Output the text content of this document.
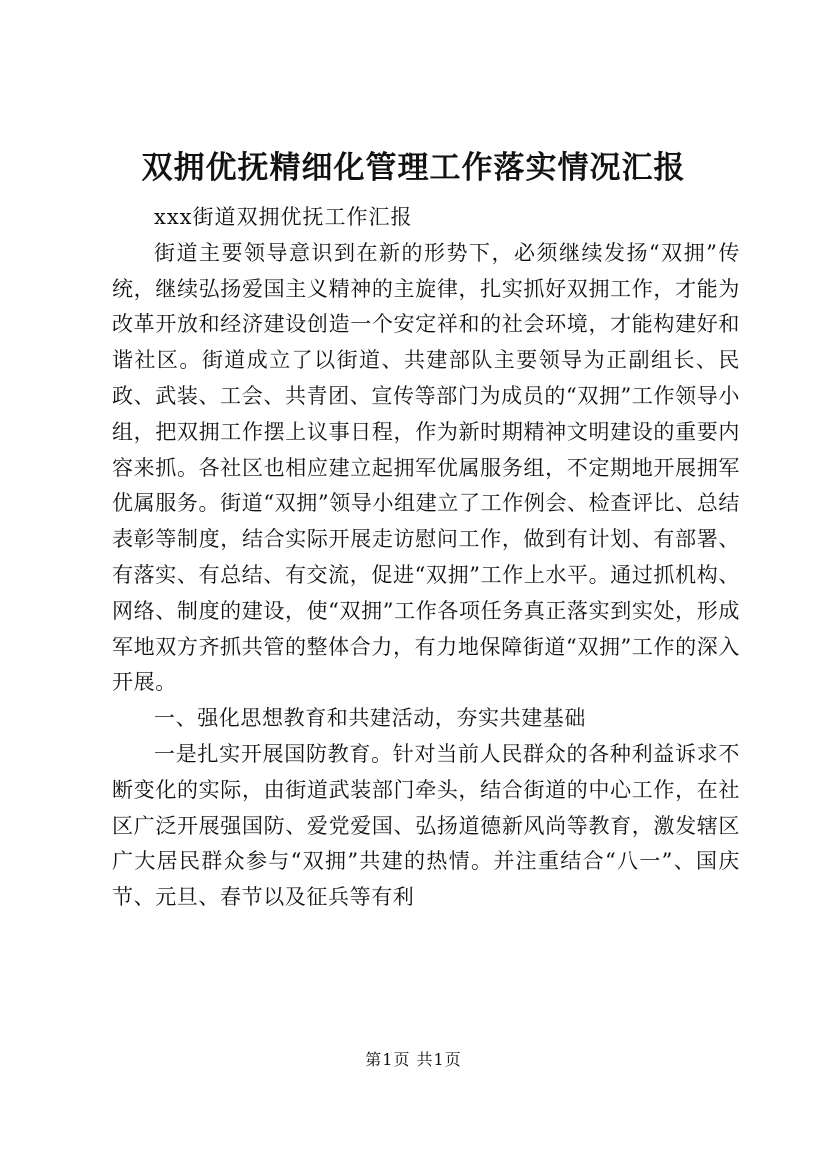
双拥优抚精细化管理工作落实情况汇报

xxx街道双拥优抚工作汇报

街道主要领导意识到在新的形势下，必须继续发扬“双拥”传统，继续弘扬爱国主义精神的主旋律，扎实抓好双拥工作，才能为改革开放和经济建设创造一个安定祥和的社会环境，才能构建好和谐社区。街道成立了以街道、共建部队主要领导为正副组长、民政、武装、工会、共青团、宣传等部门为成员的“双拥”工作领导小组，把双拥工作摆上议事日程，作为新时期精神文明建设的重要内容来抓。各社区也相应建立起拥军优属服务组，不定期地开展拥军优属服务。街道“双拥”领导小组建立了工作例会、检查评比、总结表彰等制度，结合实际开展走访慰问工作，做到有计划、有部署、有落实、有总结、有交流，促进“双拥”工作上水平。通过抓机构、网络、制度的建设，使“双拥”工作各项任务真正落实到实处，形成军地双方齐抓共管的整体合力，有力地保障街道“双拥”工作的深入开展。

一、强化思想教育和共建活动，夯实共建基础

一是扎实开展国防教育。针对当前人民群众的各种利益诉求不断变化的实际，由街道武装部门牵头，结合街道的中心工作，在社区广泛开展强国防、爱党爱国、弘扬道德新风尚等教育，激发辖区广大居民群众参与“双拥”共建的热情。并注重结合“八一”、国庆节、元旦、春节以及征兵等有利

第1页 共1页
